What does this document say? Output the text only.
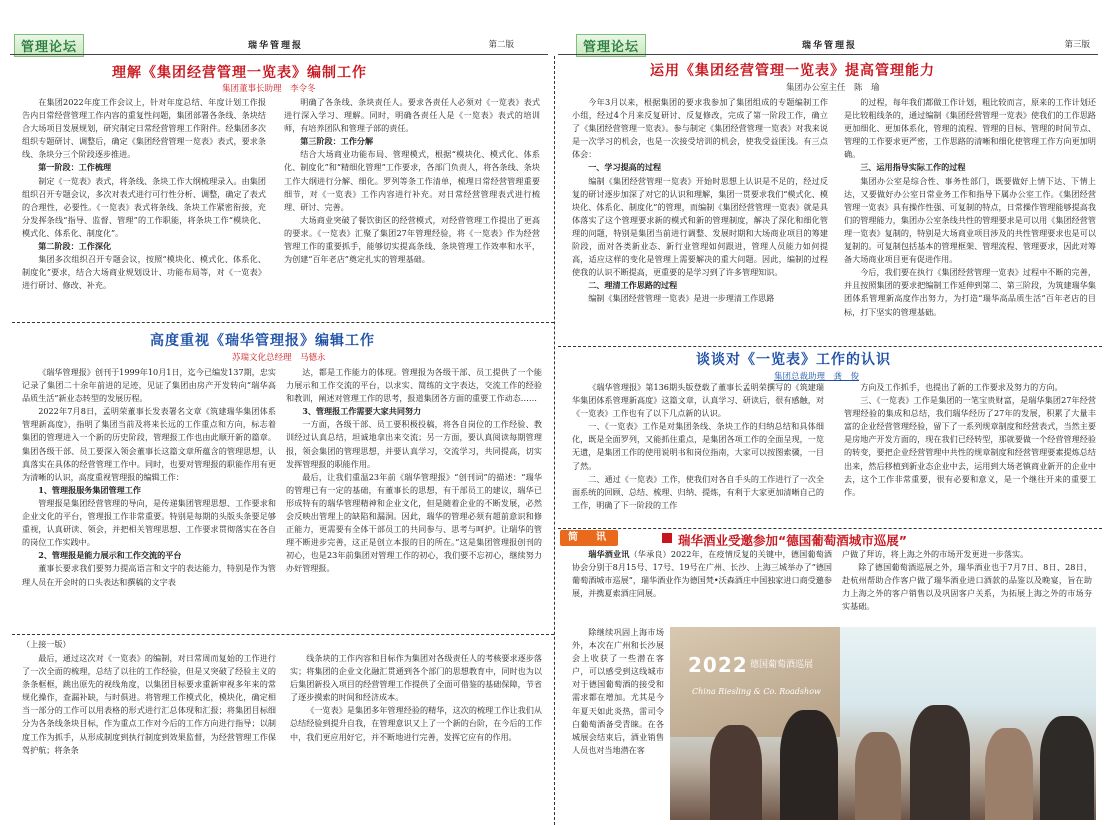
管理论坛	瑞华管理报	第二版
理解《集团经营管理一览表》编制工作
集团董事长助理　李令冬

在集团2022年度工作会议上，针对年度总结、年度计划工作报告内日常经营管理工作内容的重复性问题，集团部署各条线、条块结合大场项目发展规划，研究制定日常经营管理工作附件。经集团多次组织专题研讨、调整后，确定《集团经营管理一览表》表式，要求条线、条块分三个阶段逐步推进。

第一阶段：工作梳理

制定《一览表》表式，将条线、条块工作大纲梳理录入。由集团组织召开专题会议，多次对表式进行可行性分析、调整，确定了表式的合理性，必要性。《一览表》表式将条线、条块工作紧密衔接，充分发挥条线“指导、监督、管理”的工作职能，将条块工作“模块化、模式化、体系化、制度化”。

第二阶段：工作深化

集团多次组织召开专题会议，按照“模块化、模式化、体系化、制度化”要求，结合大场商业规划设计、功能布局等，对《一览表》进行研讨、修改、补充。

明确了各条线、条块责任人。要求各责任人必须对《一览表》表式进行深入学习、理解。同时，明确各责任人是《一览表》表式的培训师，有培养团队和管理子部的责任。

第三阶段：工作分解

结合大场商业功能布局、管理模式，根据“模块化、模式化、体系化、制度化”和“精细化管理”工作要求，各部门负责人，将各条线、条块工作大纲进行分解、细化。罗列等条工作清单，梳理日常经营管理重要细节，对《一览表》工作内容进行补充。对日常经营管理表式进行梳理、研讨、完善。

大场商业突破了餐饮街区的经营模式，对经营管理工作提出了更高的要求。《一览表》汇聚了集团27年管理经验，将《一览表》作为经营管理工作的重要抓手，能够切实提高条线、条块管理工作效率和水平，为创建“百年老店”奠定扎实的管理基础。

高度重视《瑞华管理报》编辑工作
苏瑞文化总经理　马德永

《瑞华管理报》创刊于1999年10月1日，迄今已编发137期，忠实记录了集团二十余年前进的足迹，见证了集团由房产开发转向“瑞华高品质生活”新业态转型的发展历程。

2022年7月8日，孟明荣董事长发表署名文章《筑建瑞华集团体系管理新高度》，指明了集团当前及将来长远的工作重点和方向，标志着集团的管理进入一个新的历史阶段，管理报工作也由此顺开新的篇章。集团各级干部、员工要深入领会董事长这篇文章所蕴含的管理思想，认真落实在具体的经营管理工作中。同时，也要对管理报的职能作用有更为清晰的认识，高度重视管理报的编辑工作：

1、管理报服务集团管理工作

管理报是集团经营管理的导向，是传递集团管理思想、工作要求和企业文化的平台，管理报工作非常重要。特别是每期的头版头条要足够重视，认真研读、领会，并把相关管理思想、工作要求贯彻落实在各自的岗位工作实践中。

2、管理报是能力展示和工作交流的平台

董事长要求我们要努力提高语言和文字的表达能力，特别是作为管理人员在开会时的口头表达和撰稿的文字表

达，都是工作能力的体现。管理报为各级干部、员工提供了一个能力展示和工作交流的平台，以求实、简练的文字表达，交流工作的经验和教训，阐述对管理工作的思考，报道集团各方面的重要工作动态……

3、管理报工作需要大家共同努力

一方面，各级干部、员工要积极投稿，将各自岗位的工作经验、教训经过认真总结，坦诚地拿出来交流；另一方面，要认真阅读每期管理报，领会集团的管理思想，并要认真学习，交流学习，共同提高，切实发挥管理报的职能作用。

最后，让我们重温23年前《瑞华管理报》“创刊词”的描述：“瑞华的管理已有一定的基础，有董事长的思想，有干部员工的建议，瑞华已形成特有的瑞华管理精神和企业文化，但是随着企业的不断发展，必然会反映出管理上的缺陷和漏洞。因此，瑞华的管理必须有超前意识和修正能力，更需要有全体干部员工的共同参与、思考与呵护。让瑞华的管理不断进步完善，这正是创立本报的目的所在。”这是集团管理报创刊的初心，也是23年前集团对管理工作的初心，我们要不忘初心，继续努力办好管理报。

（上接一版）

最后，通过这次对《一览表》的编制，对日常周而复始的工作进行了一次全面的梳理，总结了以往的工作经验，但是又突破了经验主义的条条框框，跳出原先的视线角度，以集团目标要求重新审视多年来的常规化操作，查漏补缺，与时俱进。将管理工作模式化，模块化，确定相当一部分的工作可以用表格的形式进行汇总体现和汇报；将集团目标细分为各条线条块目标，作为重点工作对今后的工作方向进行指导；以制度工作为抓手，从形成制度到执行制度到效果监督，为经营管理工作保驾护航；将条条

线条块的工作内容和目标作为集团对各级责任人的考核要求逐步落实；将集团的企业文化融汇贯通到各个部门的思想教育中，同时也为以后集团新投入项目的经营管理工作提供了全面可借鉴的基础保障，节省了逐步摸索的时间和经济成本。

《一览表》是集团多年管理经验的精华，这次的梳理工作让我们从总结经验到提升自我，在管理意识又上了一个新的台阶，在今后的工作中，我们更应用好它，并不断地进行完善，发挥它应有的作用。

管理论坛	瑞华管理报	第三版
运用《集团经营管理一览表》提高管理能力
集团办公室主任　陈　瑜

今年3月以来，根据集团的要求我参加了集团组成的专题编制工作小组，经过4个月来反复研讨、反复修改，完成了第一阶段工作，确立了《集团经营管理一览表》。参与制定《集团经营管理一览表》对我来说是一次学习的机会，也是一次接受培训的机会，使我受益匪浅。有三点体会：

一、学习提高的过程

编制《集团经营管理一览表》开始时思想上认识是不足的，经过反复的研讨逐步加深了对它的认识和理解，集团一贯要求我们“模式化、模块化、体系化、制度化”的管理，而编制《集团经营管理一览表》就是具体落实了这个管理要求新的模式和新的管理制度，解决了深化和细化管理的问题，特别是集团当前进行调整、发展时期和大场商业项目的筹建阶段，面对各类新业态、新行业管理如何跟进，管理人员能力如何提高，适应这样的变化是管理上需要解决的重大问题。因此，编制的过程使我的认识不断提高，更重要的是学习到了许多管理知识。

二、理清工作思路的过程

编制《集团经营管理一览表》是进一步理清工作思路

的过程，每年我们都做工作计划，粗比较而言，原来的工作计划还是比较粗线条的，通过编制《集团经营管理一览表》使我们的工作思路更加细化、更加体系化，管理的流程、管理的目标、管理的时间节点、管理的工作要求更严密，工作思路的清晰和细化使管理工作方向更加明确。

三、运用指导实际工作的过程

集团办公室是综合性、事务性部门，既要做好上情下达、下情上达，又要做好办公室日常业务工作和指导下属办公室工作。《集团经营管理一览表》具有操作性强、可复制的特点，日常操作管理能够提高我们的管理能力，集团办公室条线共性的管理要求是可以用《集团经营管理一览表》复制的，特别是大场商业项目涉及的共性管理要求也是可以复制的。可复制包括基本的管理框架、管理流程、管理要求，因此对筹备大场商业项目更有促进作用。

今后，我们要在执行《集团经营管理一览表》过程中不断的完善，并且按照集团的要求把编制工作延伸到第二、第三阶段，为筑建瑞华集团体系管理新高度作出努力，为打造“瑞华高品质生活”百年老店的目标，打下坚实的管理基础。

谈谈对《一览表》工作的认识
集团总裁助理　龚　俊

《瑞华管理报》第136期头版登载了董事长孟明荣撰写的《筑建瑞华集团体系管理新高度》这篇文章，认真学习、研读后，很有感触，对《一览表》工作也有了以下几点新的认识。

一、《一览表》工作是对集团条线、条块工作的归纳总结和具体细化，既是全面罗列，又能抓住重点，是集团各项工作的全面呈现，一览无遗，是集团工作的使用说明书和岗位指南，大家可以按图索骥，一目了然。

二、通过《一览表》工作，使我们对各自手头的工作进行了一次全面系统的回顾、总结、梳理、归纳、提炼，有利于大家更加清晰自己的工作，明确了下一阶段的工作

方向及工作抓手，也提出了新的工作要求及努力的方向。

三、《一览表》工作是集团的一笔宝贵财富，是瑞华集团27年经营管理经验的集成和总结，我们瑞华经历了27年的发展，积累了大量丰富的企业经营管理经验，留下了一系列规章制度和经营表式，当然主要是房地产开发方面的，现在我们已经转型，那就要做一个经营管理经验的转变，要把企业经营管理中共性的规章制度和经营管理要素提炼总结出来，然后移植到新业态企业中去，运用到大场老镇商业新开的企业中去，这个工作非常重要，很有必要和意义，是一个继往开来的重要工作。

简　讯	瑞华酒业受邀参加“德国葡萄酒城市巡展”

瑞华酒业讯（华承良）2022年，在疫情反复的关键中，德国葡萄酒协会分别于8月15号、17号、19号在广州、长沙、上海三城举办了“德国葡萄酒城市巡展”，瑞华酒业作为德国梵•沃森酒庄中国独家进口商受邀参展，并携夏索酒庄同展。

除继续巩固上海市场外，本次在广州和长沙展会上收获了一些潜在客户，可以感受到这线城市对于德国葡萄酒的接受和需求都在增加。尤其是今年夏天如此炎热，雷司令白葡萄酒备受青睐。在各城展会结束后，酒业销售人员也对当地潜在客

户做了拜访，将上海之外的市场开发更进一步落实。

除了德国葡萄酒巡展之外，瑞华酒业也于7月7日、8日、28日，赴杭州帮助合作客户做了瑞华酒业进口酒款的品鉴以及晚宴，旨在助力上海之外的客户销售以及巩固客户关系，为拓展上海之外的市场夯实基础。

2022 德国葡萄酒巡展
China Riesling & Co. Roadshow
